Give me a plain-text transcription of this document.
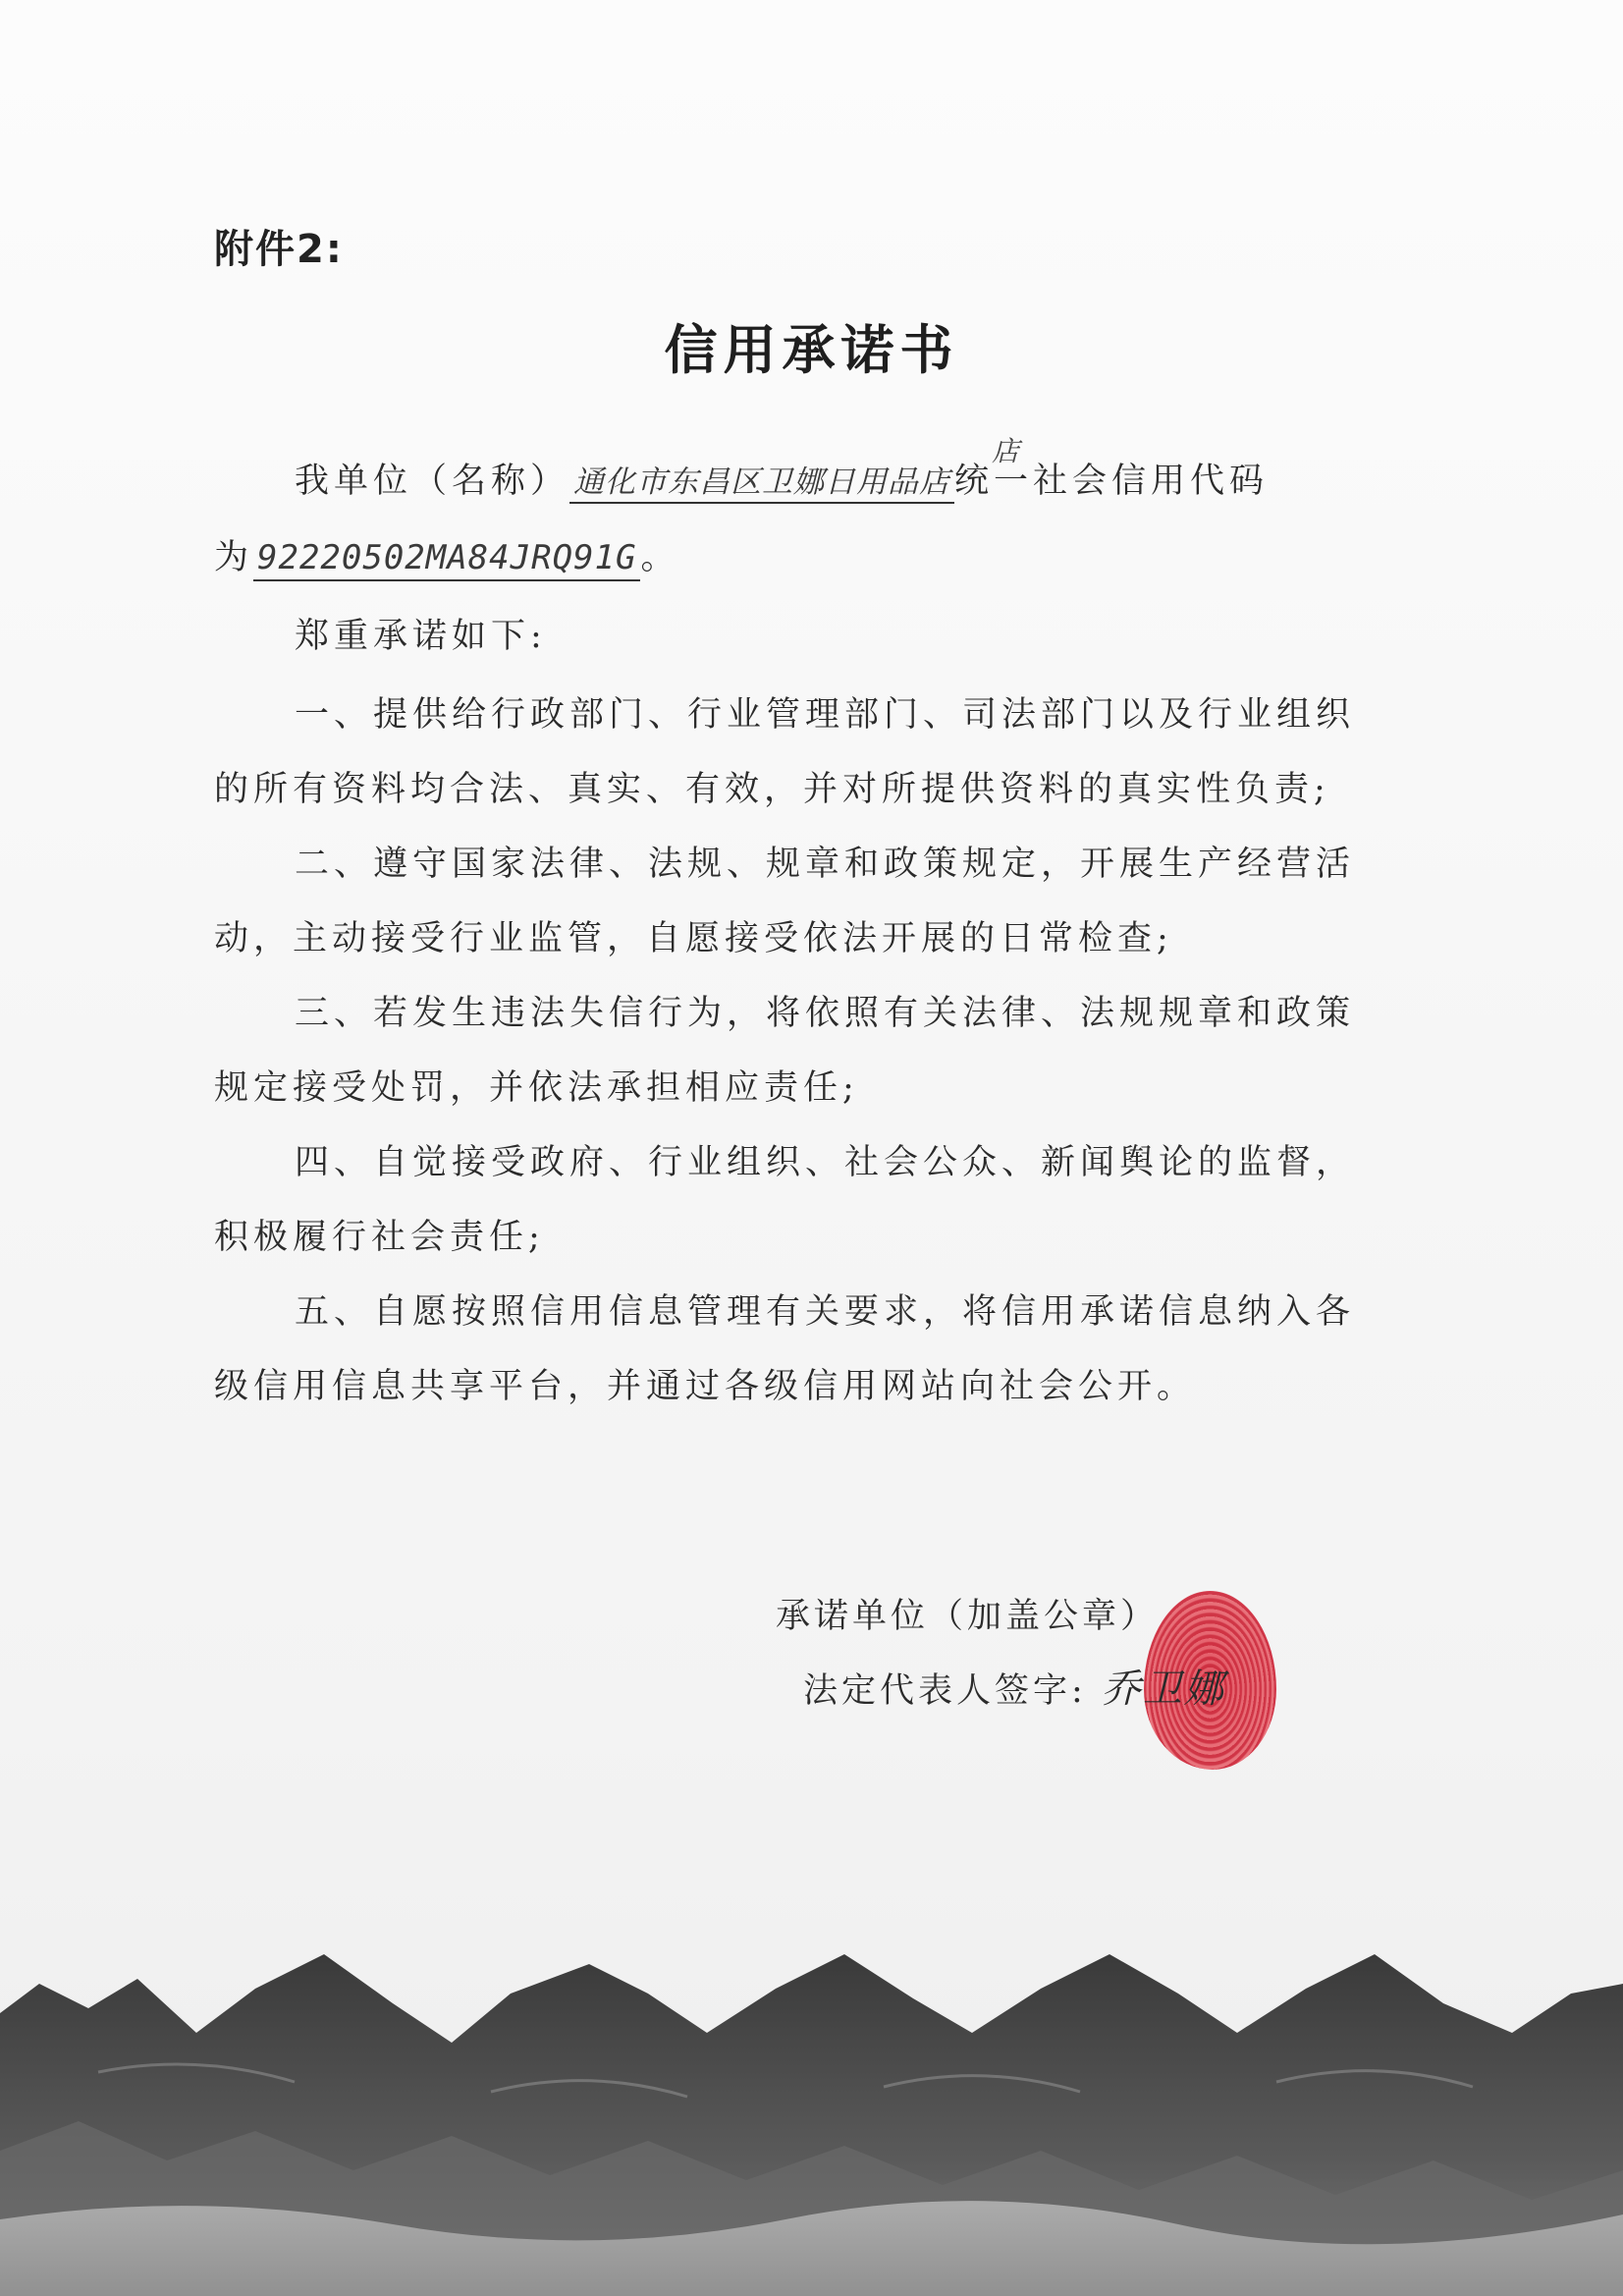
附件2:
信用承诺书
我单位（名称） 通化市东昌区卫娜日用品店 统一社会信用代码
店
为 92220502MA84JRQ91G 。
郑重承诺如下:
一、提供给行政部门、行业管理部门、司法部门以及行业组织
的所有资料均合法、真实、有效，并对所提供资料的真实性负责;
二、遵守国家法律、法规、规章和政策规定，开展生产经营活
动，主动接受行业监管，自愿接受依法开展的日常检查;
三、若发生违法失信行为，将依照有关法律、法规规章和政策
规定接受处罚，并依法承担相应责任;
四、自觉接受政府、行业组织、社会公众、新闻舆论的监督，
积极履行社会责任;
五、自愿按照信用信息管理有关要求，将信用承诺信息纳入各
级信用信息共享平台，并通过各级信用网站向社会公开。
承诺单位（加盖公章）
法定代表人签字: 乔卫娜
